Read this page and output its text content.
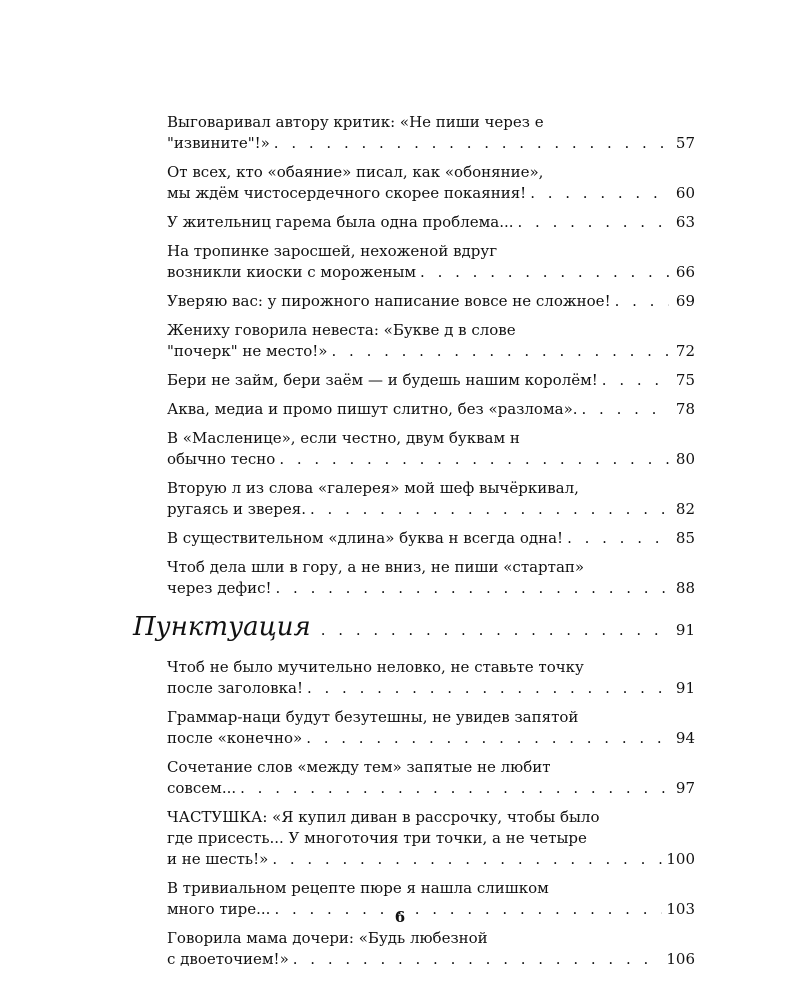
Выговаривал автору критик: «Не пиши через е
"извините"!» . . .	57
От всех, кто «обаяние» писал, как «обоняние»,
мы ждём чистосердечного скорее покаяния! . . .	60
У жительниц гарема была одна проблема... . . .	63
На тропинке заросшей, нехоженой вдруг
возникли киоски с мороженым . . .	66
Уверяю вас: у пирожного написание вовсе не сложное! . . .	69
Жениху говорила невеста: «Букве д в слове
"почерк" не место!» . . .	72
Бери не займ, бери заём — и будешь нашим королём! . . .	75
Аква, медиа и промо пишут слитно, без «разлома». . . .	78
В «Масленице», если честно, двум буквам н
обычно тесно . . .	80
Вторую л из слова «галерея» мой шеф вычёркивал,
ругаясь и зверея. . . .	82
В существительном «длина» буква н всегда одна! . . .	85
Чтоб дела шли в гору, а не вниз, не пиши «стартап»
через дефис! . . .	88
Пунктуация . . .	91
Чтоб не было мучительно неловко, не ставьте точку
после заголовка! . . .	91
Граммар-наци будут безутешны, не увидев запятой
после «конечно» . . .	94
Сочетание слов «между тем» запятые не любит
совсем... . . .	97
ЧАСТУШКА: «Я купил диван в рассрочку, чтобы было
где присесть... У многоточия три точки, а не четыре
и не шесть!» . . .	100
В тривиальном рецепте пюре я нашла слишком
много тире... . . .	103
Говорила мама дочери: «Будь любезной
с двоеточием!» . . .	106
6
